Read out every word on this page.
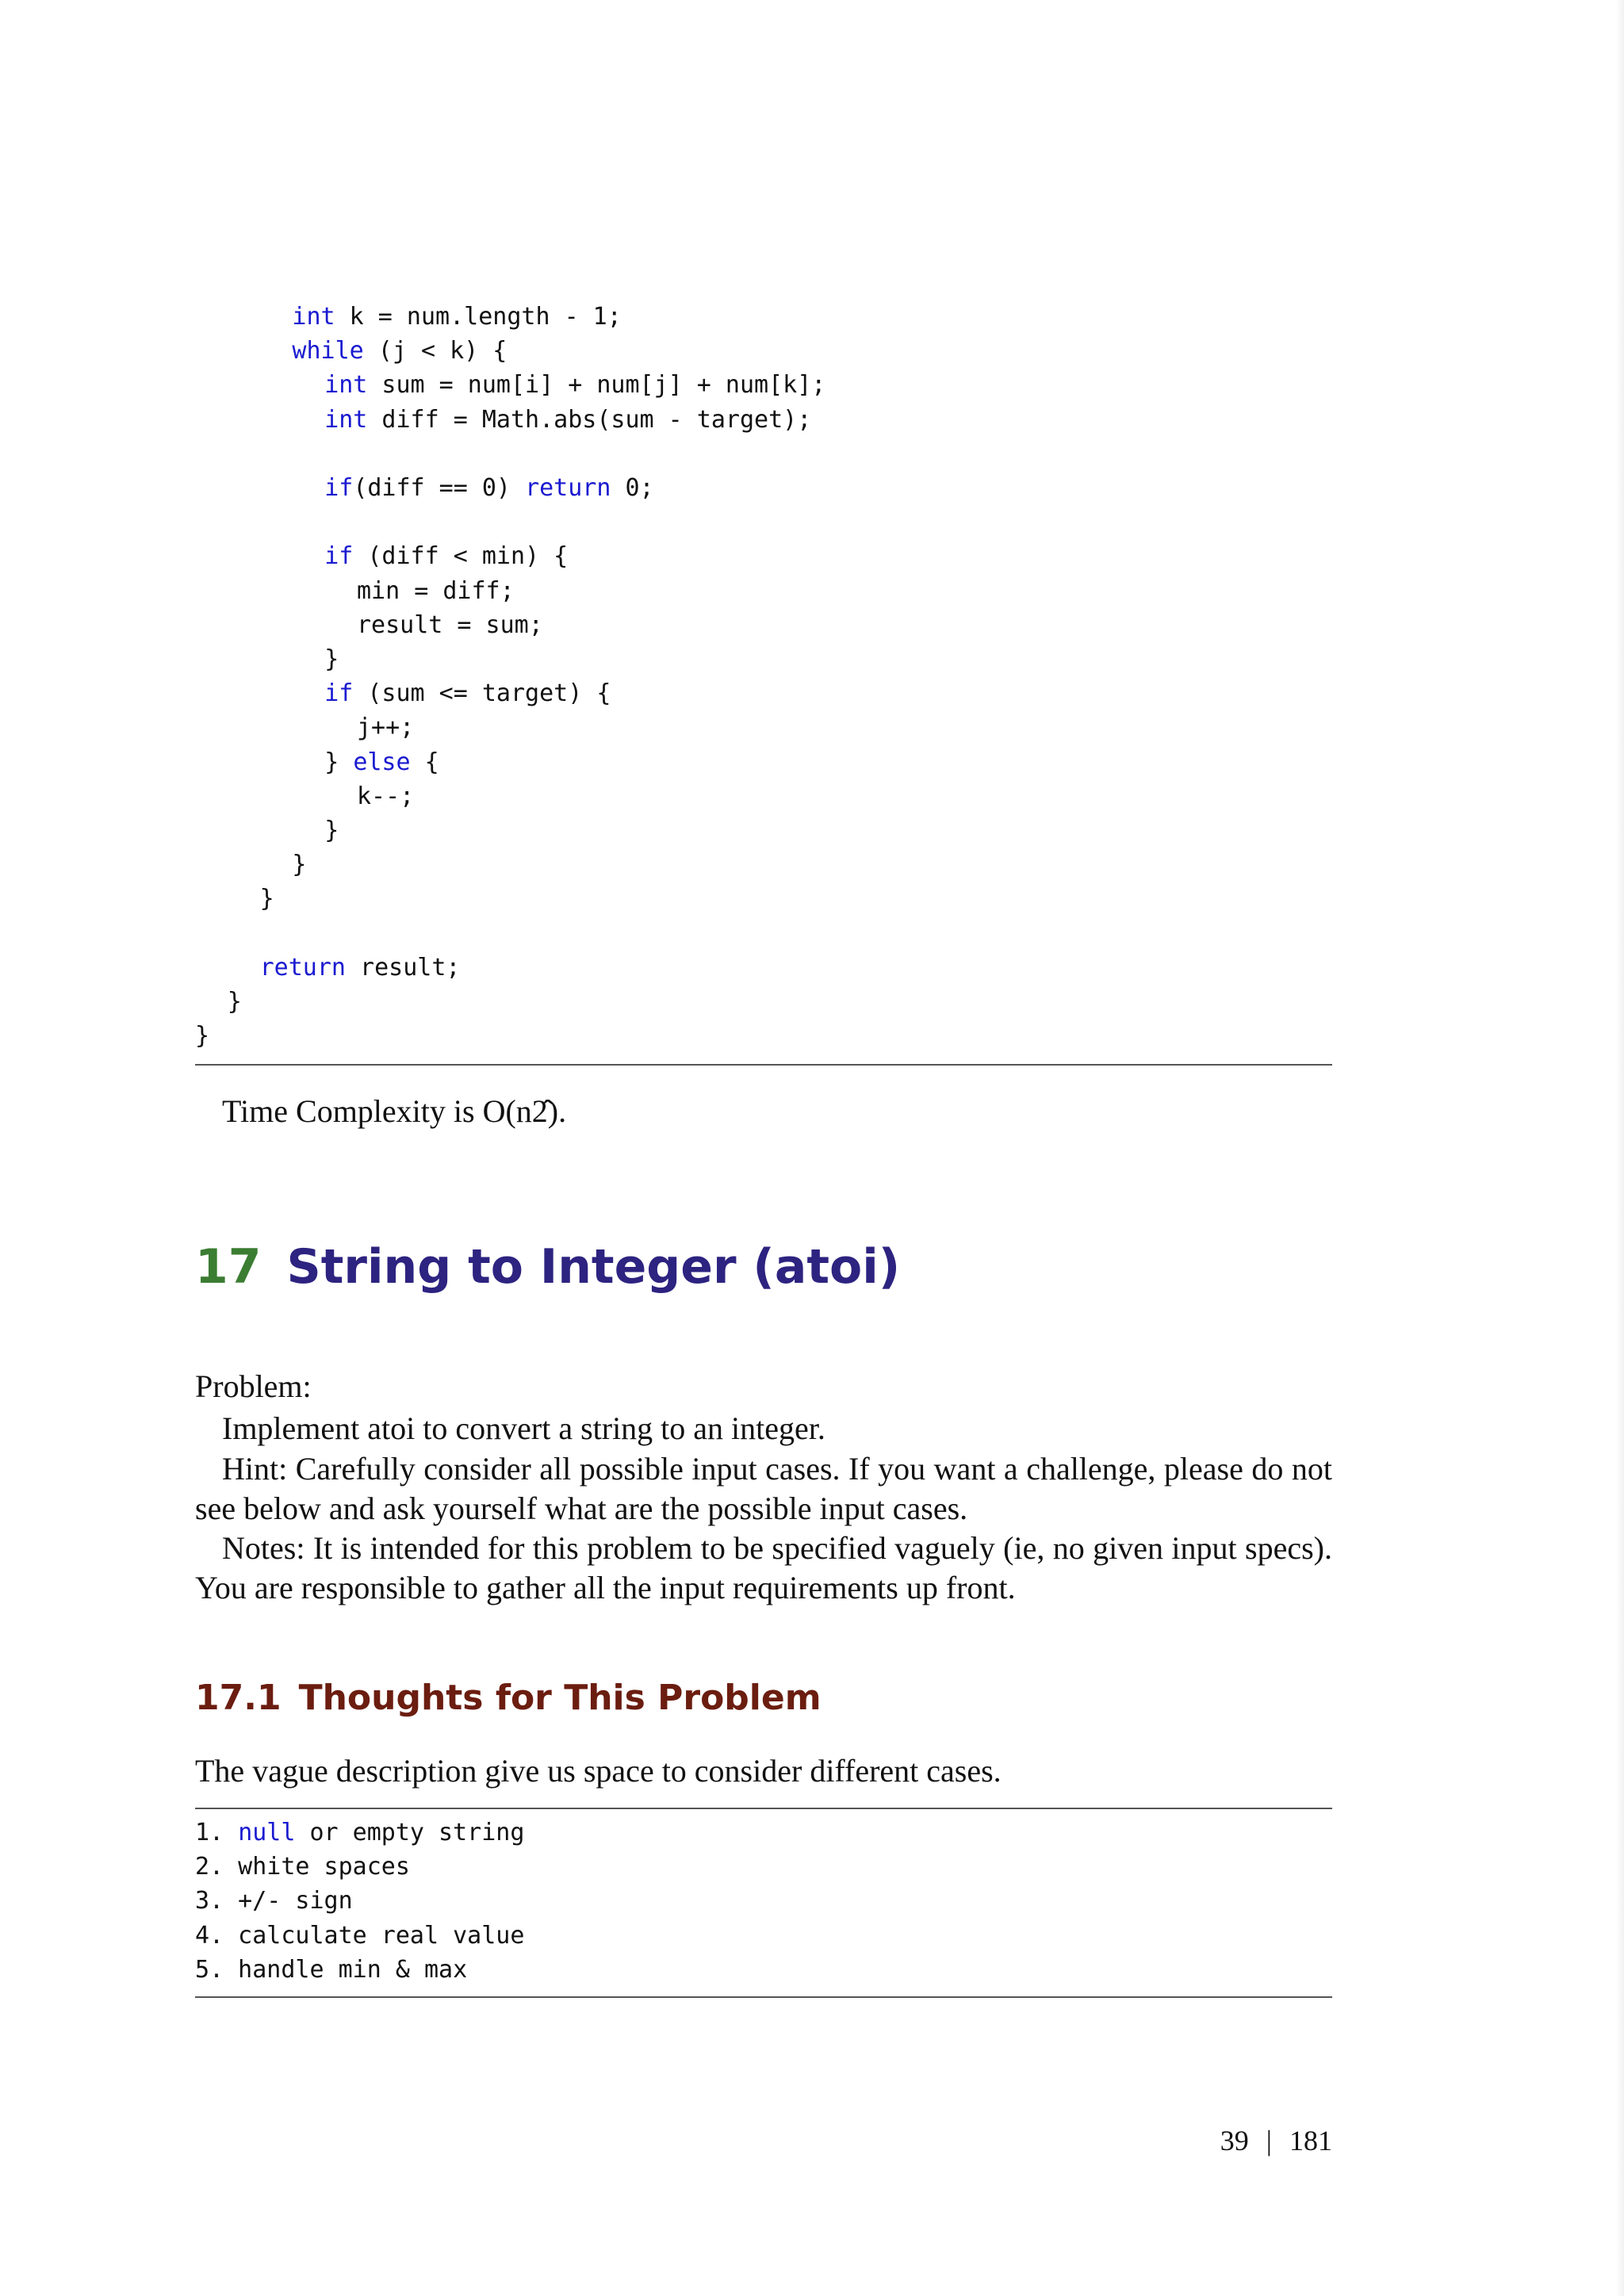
int k = num.length - 1;
while (j < k) {
int sum = num[i] + num[j] + num[k];
int diff = Math.abs(sum - target);
if(diff == 0) return 0;
if (diff < min) {
min = diff;
result = sum;
}
if (sum <= target) {
j++;
} else {
k--;
}
}
}
return result;
}
}
Time Complexity is O(n2̂).
17 String to Integer (atoi)
Problem:
Implement atoi to convert a string to an integer.
Hint: Carefully consider all possible input cases. If you want a challenge, please do not see below and ask yourself what are the possible input cases.
Notes: It is intended for this problem to be specified vaguely (ie, no given input specs). You are responsible to gather all the input requirements up front.
17.1 Thoughts for This Problem
The vague description give us space to consider different cases.
1. null or empty string
2. white spaces
3. +/- sign
4. calculate real value
5. handle min & max
39 | 181
